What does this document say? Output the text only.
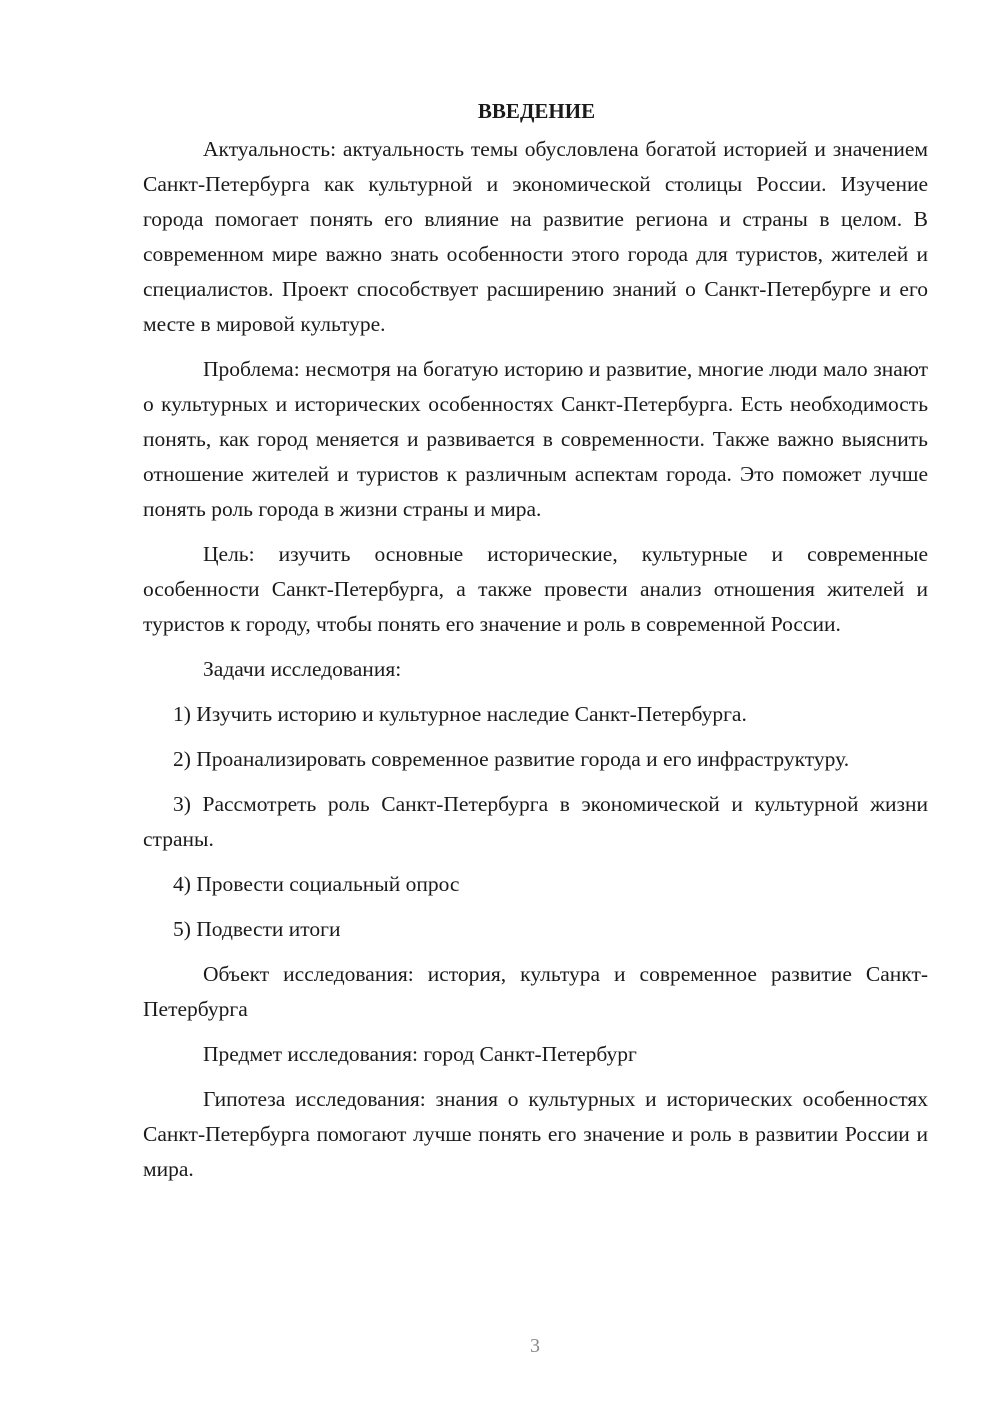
ВВЕДЕНИЕ

Актуальность: актуальность темы обусловлена богатой историей и значением Санкт-Петербурга как культурной и экономической столицы России. Изучение города помогает понять его влияние на развитие региона и страны в целом. В современном мире важно знать особенности этого города для туристов, жителей и специалистов. Проект способствует расширению знаний о Санкт-Петербурге и его месте в мировой культуре.

Проблема: несмотря на богатую историю и развитие, многие люди мало знают о культурных и исторических особенностях Санкт-Петербурга. Есть необходимость понять, как город меняется и развивается в современности. Также важно выяснить отношение жителей и туристов к различным аспектам города. Это поможет лучше понять роль города в жизни страны и мира.

Цель: изучить основные исторические, культурные и современные особенности Санкт-Петербурга, а также провести анализ отношения жителей и туристов к городу, чтобы понять его значение и роль в современной России.

Задачи исследования:

1) Изучить историю и культурное наследие Санкт-Петербурга.

2) Проанализировать современное развитие города и его инфраструктуру.

3) Рассмотреть роль Санкт-Петербурга в экономической и культурной жизни страны.

4) Провести социальный опрос

5) Подвести итоги

Объект исследования: история, культура и современное развитие Санкт-Петербурга

Предмет исследования: город Санкт-Петербург

Гипотеза исследования: знания о культурных и исторических особенностях Санкт-Петербурга помогают лучше понять его значение и роль в развитии России и мира.

3
